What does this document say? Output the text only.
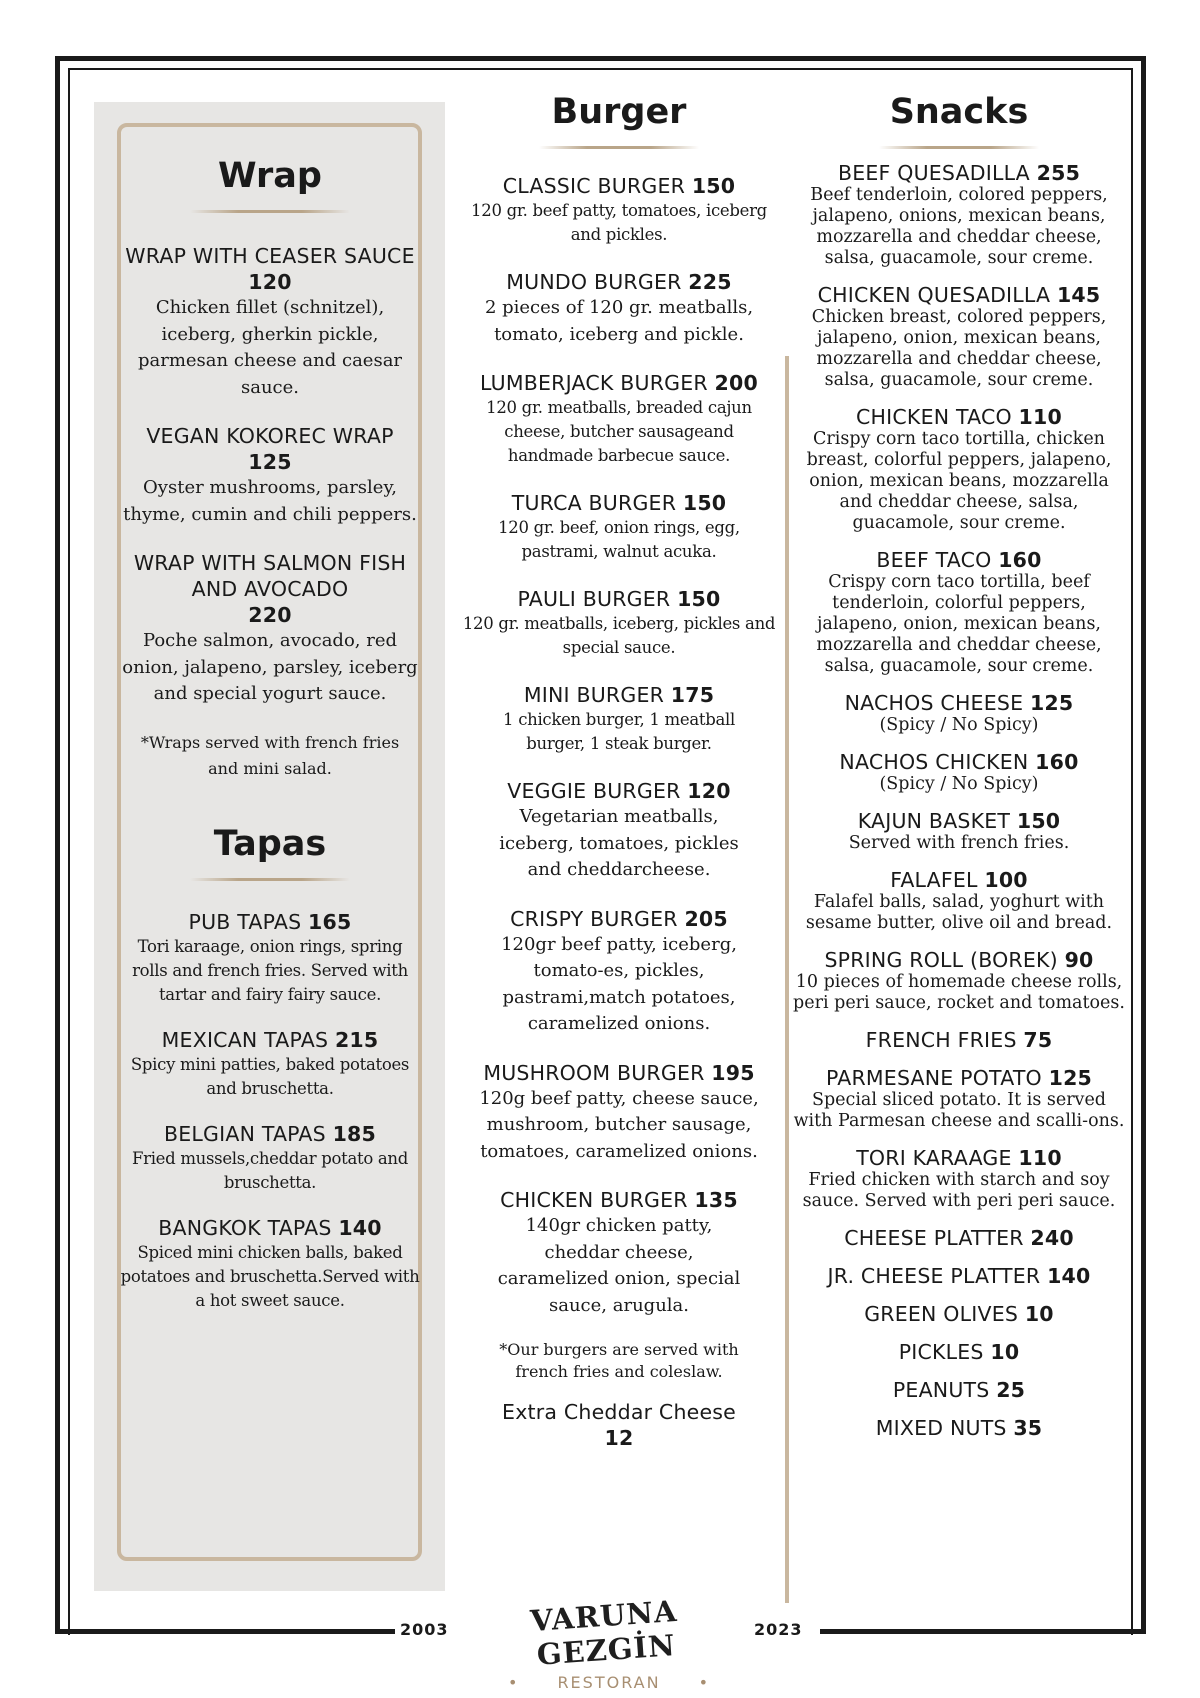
Wrap
WRAP WITH CEASER SAUCE
120
Chicken fillet (schnitzel), iceberg, gherkin pickle, parmesan cheese and caesar sauce.
VEGAN KOKOREC WRAP
125
Oyster mushrooms, parsley, thyme, cumin and chili peppers.
WRAP WITH SALMON FISH AND AVOCADO
220
Poche salmon, avocado, red onion, jalapeno, parsley, iceberg and special yogurt sauce.
*Wraps served with french fries and mini salad.
Tapas
PUB TAPAS 165
Tori karaage, onion rings, spring rolls and french fries. Served with tartar and fairy fairy sauce.
MEXICAN TAPAS 215
Spicy mini patties, baked potatoes and bruschetta.
BELGIAN TAPAS 185
Fried mussels,cheddar potato and bruschetta.
BANGKOK TAPAS 140
Spiced mini chicken balls, baked potatoes and bruschetta.Served with a hot sweet sauce.
Burger
CLASSIC BURGER 150
120 gr. beef patty, tomatoes, iceberg and pickles.
MUNDO BURGER 225
2 pieces of 120 gr. meatballs, tomato, iceberg and pickle.
LUMBERJACK BURGER 200
120 gr. meatballs, breaded cajun cheese, butcher sausageand handmade barbecue sauce.
TURCA BURGER 150
120 gr. beef, onion rings, egg, pastrami, walnut acuka.
PAULI BURGER 150
120 gr. meatballs, iceberg, pickles and special sauce.
MINI BURGER 175
1 chicken burger, 1 meatball burger, 1 steak burger.
VEGGIE BURGER 120
Vegetarian meatballs, iceberg, tomatoes, pickles and cheddarcheese.
CRISPY BURGER 205
120gr beef patty, iceberg, tomato-es, pickles, pastrami,match potatoes, caramelized onions.
MUSHROOM BURGER 195
120g beef patty, cheese sauce, mushroom, butcher sausage, tomatoes, caramelized onions.
CHICKEN BURGER 135
140gr chicken patty, cheddar cheese, caramelized onion, special sauce, arugula.
*Our burgers are served with french fries and coleslaw.
Extra Cheddar Cheese
12
Snacks
BEEF QUESADILLA 255
Beef tenderloin, colored peppers, jalapeno, onions, mexican beans, mozzarella and cheddar cheese, salsa, guacamole, sour creme.
CHICKEN QUESADILLA 145
Chicken breast, colored peppers, jalapeno, onion, mexican beans, mozzarella and cheddar cheese, salsa, guacamole, sour creme.
CHICKEN TACO 110
Crispy corn taco tortilla, chicken breast, colorful peppers, jalapeno, onion, mexican beans, mozzarella and cheddar cheese, salsa, guacamole, sour creme.
BEEF TACO 160
Crispy corn taco tortilla, beef tenderloin, colorful peppers, jalapeno, onion, mexican beans, mozzarella and cheddar cheese, salsa, guacamole, sour creme.
NACHOS CHEESE 125
(Spicy / No Spicy)
NACHOS CHICKEN 160
(Spicy / No Spicy)
KAJUN BASKET 150
Served with french fries.
FALAFEL 100
Falafel balls, salad, yoghurt with sesame butter, olive oil and bread.
SPRING ROLL (BOREK) 90
10 pieces of homemade cheese rolls, peri peri sauce, rocket and tomatoes.
FRENCH FRIES 75
PARMESANE POTATO 125
Special sliced potato. It is served with Parmesan cheese and scalli-ons.
TORI KARAAGE 110
Fried chicken with starch and soy sauce. Served with peri peri sauce.
CHEESE PLATTER 240
JR. CHEESE PLATTER 140
GREEN OLIVES 10
PICKLES 10
PEANUTS 25
MIXED NUTS 35
2003	2023
VARUNA GEZGİN
• RESTORAN •
